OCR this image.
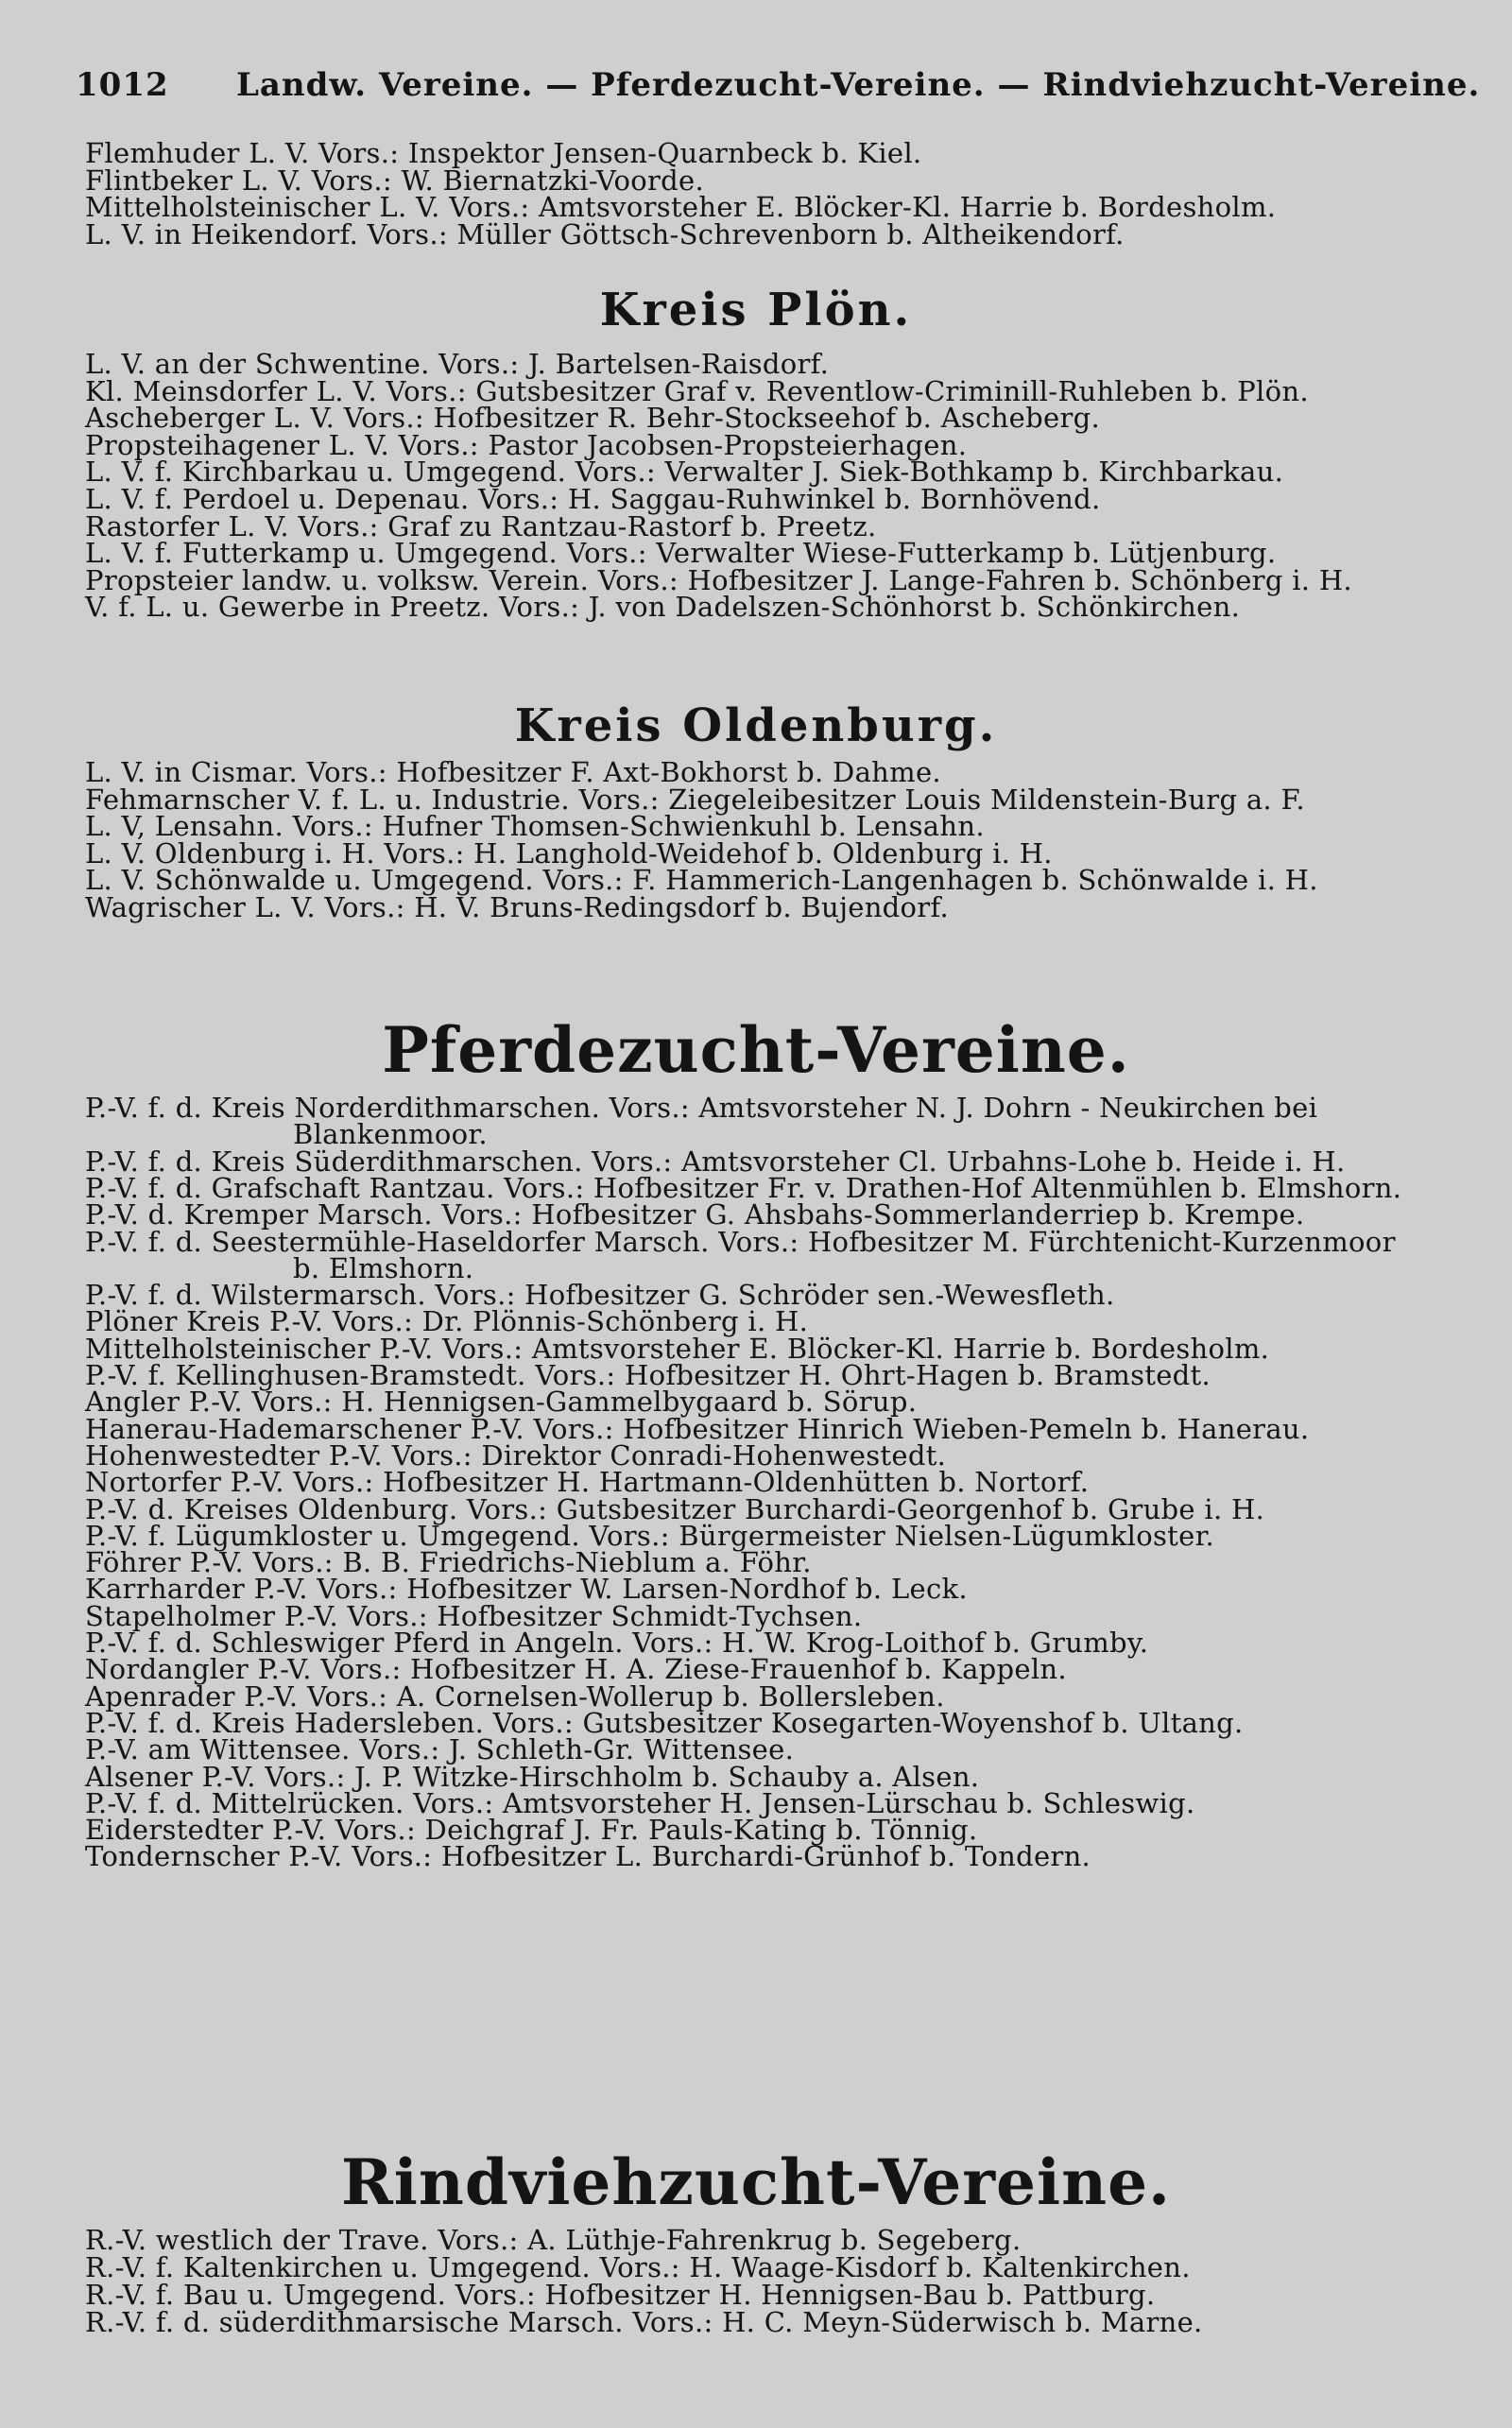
1012 Landw. Vereine. — Pferdezucht-Vereine. — Rindviehzucht-Vereine.
Flemhuder L. V. Vors.: Inspektor Jensen-Quarnbeck b. Kiel.
Flintbeker L. V. Vors.: W. Biernatzki-Voorde.
Mittelholsteinischer L. V. Vors.: Amtsvorsteher E. Blöcker-Kl. Harrie b. Bordesholm.
L. V. in Heikendorf. Vors.: Müller Göttsch-Schrevenborn b. Altheikendorf.
Kreis Plön.
L. V. an der Schwentine. Vors.: J. Bartelsen-Raisdorf.
Kl. Meinsdorfer L. V. Vors.: Gutsbesitzer Graf v. Reventlow-Criminill-Ruhleben b. Plön.
Ascheberger L. V. Vors.: Hofbesitzer R. Behr-Stockseehof b. Ascheberg.
Propsteihagener L. V. Vors.: Pastor Jacobsen-Propsteierhagen.
L. V. f. Kirchbarkau u. Umgegend. Vors.: Verwalter J. Siek-Bothkamp b. Kirchbarkau.
L. V. f. Perdoel u. Depenau. Vors.: H. Saggau-Ruhwinkel b. Bornhövend.
Rastorfer L. V. Vors.: Graf zu Rantzau-Rastorf b. Preetz.
L. V. f. Futterkamp u. Umgegend. Vors.: Verwalter Wiese-Futterkamp b. Lütjenburg.
Propsteier landw. u. volksw. Verein. Vors.: Hofbesitzer J. Lange-Fahren b. Schönberg i. H.
V. f. L. u. Gewerbe in Preetz. Vors.: J. von Dadelszen-Schönhorst b. Schönkirchen.
Kreis Oldenburg.
L. V. in Cismar. Vors.: Hofbesitzer F. Axt-Bokhorst b. Dahme.
Fehmarnscher V. f. L. u. Industrie. Vors.: Ziegeleibesitzer Louis Mildenstein-Burg a. F.
L. V, Lensahn. Vors.: Hufner Thomsen-Schwienkuhl b. Lensahn.
L. V. Oldenburg i. H. Vors.: H. Langhold-Weidehof b. Oldenburg i. H.
L. V. Schönwalde u. Umgegend. Vors.: F. Hammerich-Langenhagen b. Schönwalde i. H.
Wagrischer L. V. Vors.: H. V. Bruns-Redingsdorf b. Bujendorf.
Pferdezucht-Vereine.
P.-V. f. d. Kreis Norderdithmarschen. Vors.: Amtsvorsteher N. J. Dohrn - Neukirchen bei
Blankenmoor.
P.-V. f. d. Kreis Süderdithmarschen. Vors.: Amtsvorsteher Cl. Urbahns-Lohe b. Heide i. H.
P.-V. f. d. Grafschaft Rantzau. Vors.: Hofbesitzer Fr. v. Drathen-Hof Altenmühlen b. Elmshorn.
P.-V. d. Kremper Marsch. Vors.: Hofbesitzer G. Ahsbahs-Sommerlanderriep b. Krempe.
P.-V. f. d. Seestermühle-Haseldorfer Marsch. Vors.: Hofbesitzer M. Fürchtenicht-Kurzenmoor
b. Elmshorn.
P.-V. f. d. Wilstermarsch. Vors.: Hofbesitzer G. Schröder sen.-Wewesfleth.
Plöner Kreis P.-V. Vors.: Dr. Plönnis-Schönberg i. H.
Mittelholsteinischer P.-V. Vors.: Amtsvorsteher E. Blöcker-Kl. Harrie b. Bordesholm.
P.-V. f. Kellinghusen-Bramstedt. Vors.: Hofbesitzer H. Ohrt-Hagen b. Bramstedt.
Angler P.-V. Vors.: H. Hennigsen-Gammelbygaard b. Sörup.
Hanerau-Hademarschener P.-V. Vors.: Hofbesitzer Hinrich Wieben-Pemeln b. Hanerau.
Hohenwestedter P.-V. Vors.: Direktor Conradi-Hohenwestedt.
Nortorfer P.-V. Vors.: Hofbesitzer H. Hartmann-Oldenhütten b. Nortorf.
P.-V. d. Kreises Oldenburg. Vors.: Gutsbesitzer Burchardi-Georgenhof b. Grube i. H.
P.-V. f. Lügumkloster u. Umgegend. Vors.: Bürgermeister Nielsen-Lügumkloster.
Föhrer P.-V. Vors.: B. B. Friedrichs-Nieblum a. Föhr.
Karrharder P.-V. Vors.: Hofbesitzer W. Larsen-Nordhof b. Leck.
Stapelholmer P.-V. Vors.: Hofbesitzer Schmidt-Tychsen.
P.-V. f. d. Schleswiger Pferd in Angeln. Vors.: H. W. Krog-Loithof b. Grumby.
Nordangler P.-V. Vors.: Hofbesitzer H. A. Ziese-Frauenhof b. Kappeln.
Apenrader P.-V. Vors.: A. Cornelsen-Wollerup b. Bollersleben.
P.-V. f. d. Kreis Hadersleben. Vors.: Gutsbesitzer Kosegarten-Woyenshof b. Ultang.
P.-V. am Wittensee. Vors.: J. Schleth-Gr. Wittensee.
Alsener P.-V. Vors.: J. P. Witzke-Hirschholm b. Schauby a. Alsen.
P.-V. f. d. Mittelrücken. Vors.: Amtsvorsteher H. Jensen-Lürschau b. Schleswig.
Eiderstedter P.-V. Vors.: Deichgraf J. Fr. Pauls-Kating b. Tönnig.
Tondernscher P.-V. Vors.: Hofbesitzer L. Burchardi-Grünhof b. Tondern.
Rindviehzucht-Vereine.
R.-V. westlich der Trave. Vors.: A. Lüthje-Fahrenkrug b. Segeberg.
R.-V. f. Kaltenkirchen u. Umgegend. Vors.: H. Waage-Kisdorf b. Kaltenkirchen.
R.-V. f. Bau u. Umgegend. Vors.: Hofbesitzer H. Hennigsen-Bau b. Pattburg.
R.-V. f. d. süderdithmarsische Marsch. Vors.: H. C. Meyn-Süderwisch b. Marne.
